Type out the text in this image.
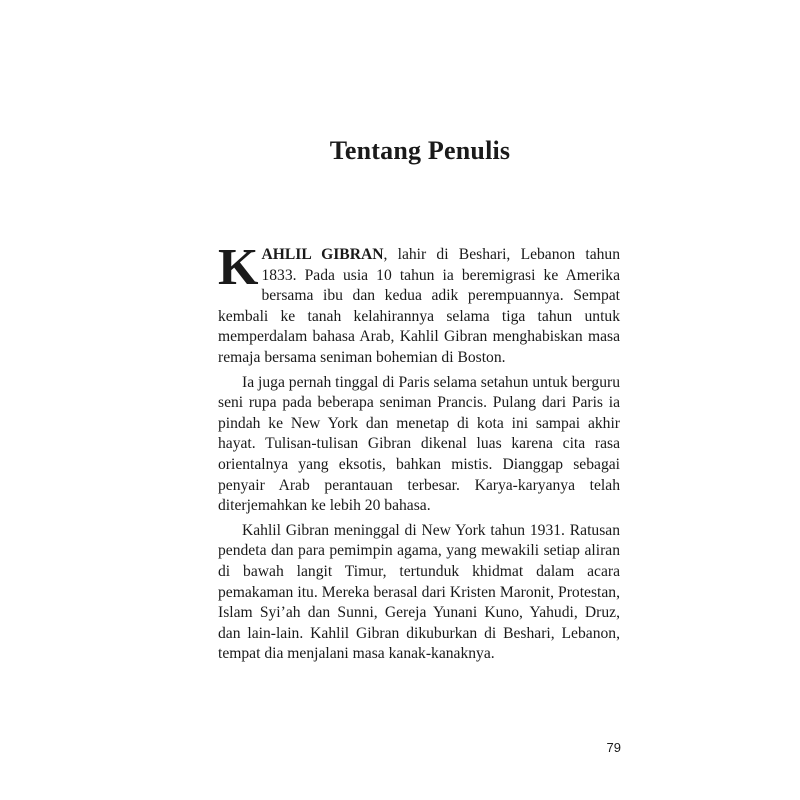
Tentang Penulis

KAHLIL GIBRAN, lahir di Beshari, Lebanon tahun 1833. Pada usia 10 tahun ia beremigrasi ke Amerika bersama ibu dan kedua adik perempuannya. Sempat kembali ke tanah kelahirannya selama tiga tahun untuk memperdalam bahasa Arab, Kahlil Gibran menghabiskan masa remaja bersama seniman bohemian di Boston.

Ia juga pernah tinggal di Paris selama setahun untuk berguru seni rupa pada beberapa seniman Prancis. Pulang dari Paris ia pindah ke New York dan menetap di kota ini sampai akhir hayat. Tulisan-tulisan Gibran dikenal luas karena cita rasa orientalnya yang eksotis, bahkan mistis. Dianggap sebagai penyair Arab perantauan terbesar. Karya-karyanya telah diterjemahkan ke lebih 20 bahasa.

Kahlil Gibran meninggal di New York tahun 1931. Ratusan pendeta dan para pemimpin agama, yang mewakili setiap aliran di bawah langit Timur, tertunduk khidmat dalam acara pemakaman itu. Mereka berasal dari Kristen Maronit, Protestan, Islam Syi’ah dan Sunni, Gereja Yunani Kuno, Yahudi, Druz, dan lain-lain. Kahlil Gibran dikuburkan di Beshari, Lebanon, tempat dia menjalani masa kanak-kanaknya.

79
